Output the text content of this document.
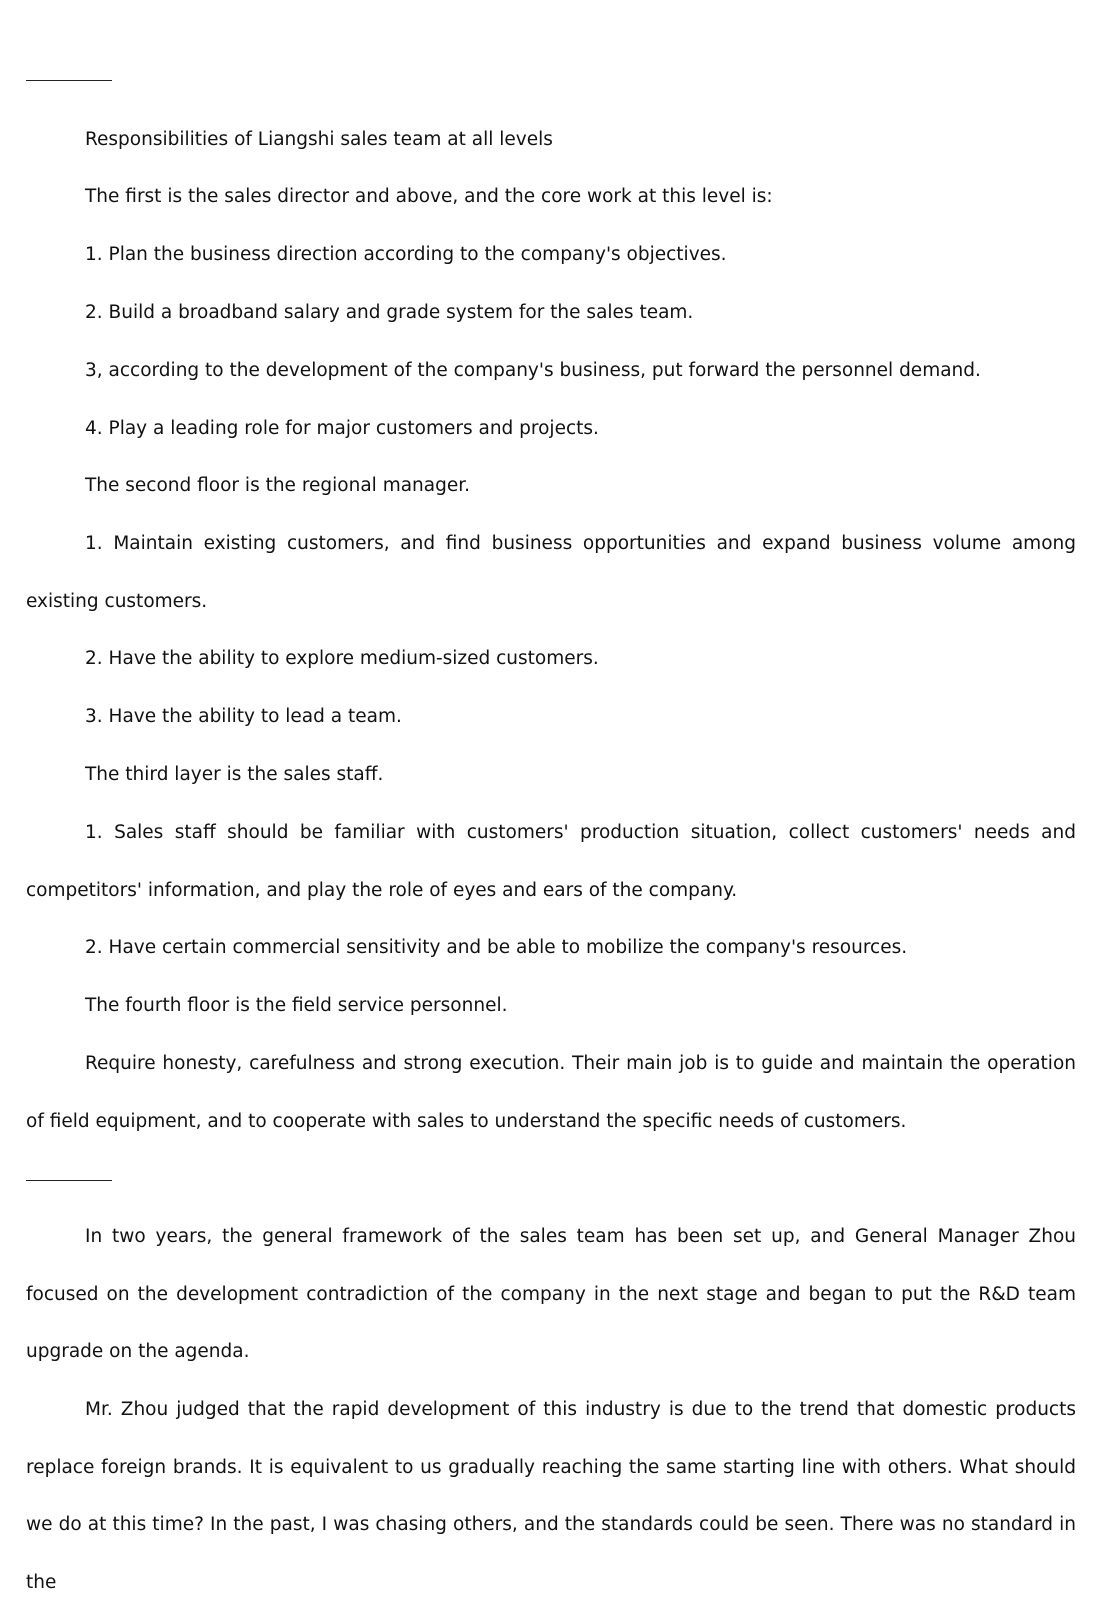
Responsibilities of Liangshi sales team at all levels

The first is the sales director and above, and the core work at this level is:

1. Plan the business direction according to the company's objectives.

2. Build a broadband salary and grade system for the sales team.

3, according to the development of the company's business, put forward the personnel demand.

4. Play a leading role for major customers and projects.

The second floor is the regional manager.

1. Maintain existing customers, and find business opportunities and expand business volume among existing customers.

2. Have the ability to explore medium-sized customers.

3. Have the ability to lead a team.

The third layer is the sales staff.

1. Sales staff should be familiar with customers' production situation, collect customers' needs and competitors' information, and play the role of eyes and ears of the company.

2. Have certain commercial sensitivity and be able to mobilize the company's resources.

The fourth floor is the field service personnel.

Require honesty, carefulness and strong execution. Their main job is to guide and maintain the operation of field equipment, and to cooperate with sales to understand the specific needs of customers.

In two years, the general framework of the sales team has been set up, and General Manager Zhou focused on the development contradiction of the company in the next stage and began to put the R&D team upgrade on the agenda.

Mr. Zhou judged that the rapid development of this industry is due to the trend that domestic products replace foreign brands. It is equivalent to us gradually reaching the same starting line with others. What should we do at this time? In the past, I was chasing others, and the standards could be seen. There was no standard in the
